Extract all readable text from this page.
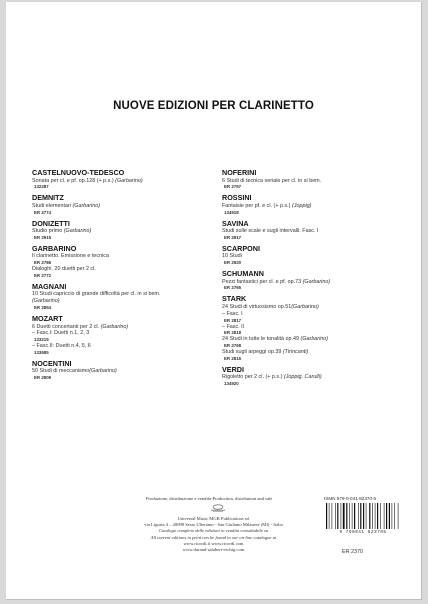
NUOVE EDIZIONI PER CLARINETTO
CASTELNUOVO-TEDESCO
Sonata per cl. e pf. op.128 (+ p.s.) (Garbarino)
132287
DEMNITZ
Studi elementari (Garbarino)
ER 2774
DONIZETTI
Studio primo (Garbarino)
ER 2915
GARBARINO
Il clarinetto. Emissione e tecnica
ER 2786
Dialoghi. 20 duetti per 2 cl.
ER 2772
MAGNANI
10 Studi capriccio di grande difficoltà per cl. in si bem.
(Garbarino)
ER 2854
MOZART
6 Duetti concertanti per 2 cl. (Garbarino)
– Fasc.I: Duetti n.1, 2, 3
133219
– Fasc.II: Duetti n.4, 5, 6
133685
NOCENTINI
50 Studi di meccanismo(Garbarino)
ER 2809
NOFERINI
6 Studi di tecnica seriale per cl. in si bem.
ER 2797
ROSSINI
Fantaisie per pf. e cl. (+ p.s.) (Joppig)
134918
SAVINA
Studi sulle scale e sugli intervalli. Fasc. I
ER 2917
SCARPONI
10 Studi
ER 2920
SCHUMANN
Pezzi fantastici per cl. e pf. op.73 (Garbarino)
ER 2765
STARK
24 Studi di virtuosismo op.51(Garbarino)
– Fasc. I
ER 2817
– Fasc. II
ER 2818
24 Studi in tutte le tonalità op.49 (Garbarino)
ER 2768
Studi sugli arpeggi op.39 (Tirincanti)
ER 2816
VERDI
Rigoletto per 2 cl. (+ p.s.) (Joppig, Carulli)
134920
Produzione, distribuzione e vendita-Production, distribution and sale
Universal Music MGB Publications srl
via Liguria 4 – 20098 Sesto Ulteriano - San Giuliano Milanese (MI) - Italia
Catalogo completo delle edizioni in vendita consultabile su
All current editions in print can be found in our on-line catalogue at
www.ricordi.it www.ricordi.com
www.durand-salabert-eschig.com
ISMN 979-0-041-82370-6
9 790041 823706
ER 2370
